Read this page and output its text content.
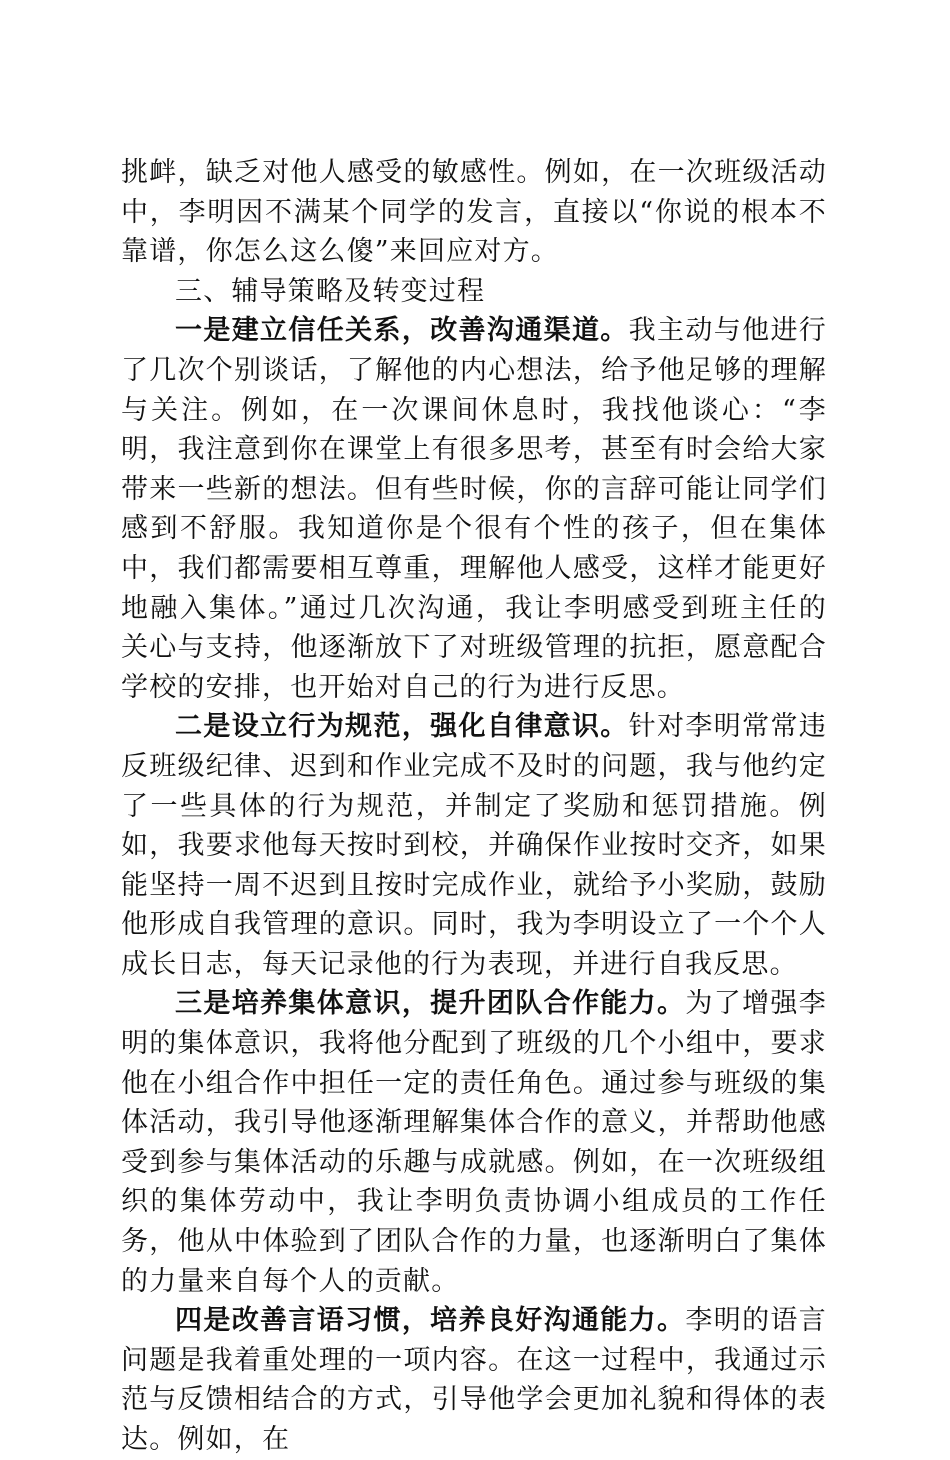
挑衅，缺乏对他人感受的敏感性。例如，在一次班级活动中，李明因不满某个同学的发言，直接以“你说的根本不靠谱，你怎么这么傻”来回应对方。

三、辅导策略及转变过程

一是建立信任关系，改善沟通渠道。我主动与他进行了几次个别谈话，了解他的内心想法，给予他足够的理解与关注。例如，在一次课间休息时，我找他谈心：“李明，我注意到你在课堂上有很多思考，甚至有时会给大家带来一些新的想法。但有些时候，你的言辞可能让同学们感到不舒服。我知道你是个很有个性的孩子，但在集体中，我们都需要相互尊重，理解他人感受，这样才能更好地融入集体。”通过几次沟通，我让李明感受到班主任的关心与支持，他逐渐放下了对班级管理的抗拒，愿意配合学校的安排，也开始对自己的行为进行反思。

二是设立行为规范，强化自律意识。针对李明常常违反班级纪律、迟到和作业完成不及时的问题，我与他约定了一些具体的行为规范，并制定了奖励和惩罚措施。例如，我要求他每天按时到校，并确保作业按时交齐，如果能坚持一周不迟到且按时完成作业，就给予小奖励，鼓励他形成自我管理的意识。同时，我为李明设立了一个个人成长日志，每天记录他的行为表现，并进行自我反思。

三是培养集体意识，提升团队合作能力。为了增强李明的集体意识，我将他分配到了班级的几个小组中，要求他在小组合作中担任一定的责任角色。通过参与班级的集体活动，我引导他逐渐理解集体合作的意义，并帮助他感受到参与集体活动的乐趣与成就感。例如，在一次班级组织的集体劳动中，我让李明负责协调小组成员的工作任务，他从中体验到了团队合作的力量，也逐渐明白了集体的力量来自每个人的贡献。

四是改善言语习惯，培养良好沟通能力。李明的语言问题是我着重处理的一项内容。在这一过程中，我通过示范与反馈相结合的方式，引导他学会更加礼貌和得体的表达。例如，在
